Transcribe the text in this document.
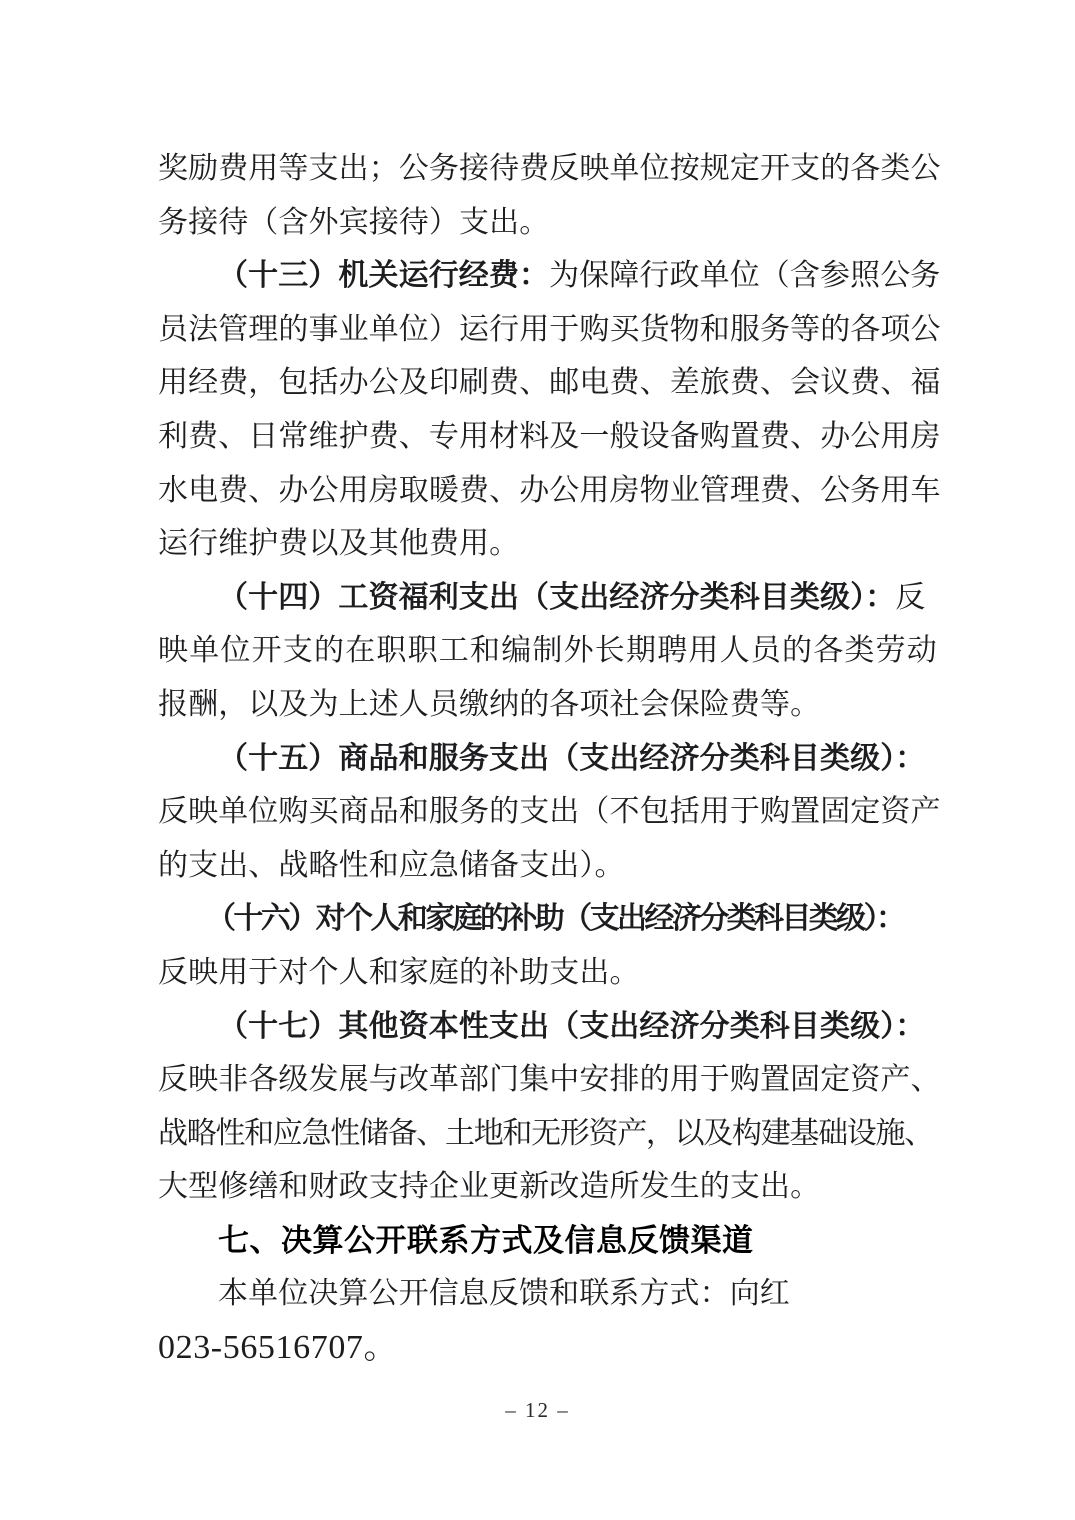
奖励费用等支出；公务接待费反映单位按规定开支的各类公
务接待（含外宾接待）支出。
（十三）机关运行经费：为保障行政单位（含参照公务
员法管理的事业单位）运行用于购买货物和服务等的各项公
用经费，包括办公及印刷费、邮电费、差旅费、会议费、福
利费、日常维护费、专用材料及一般设备购置费、办公用房
水电费、办公用房取暖费、办公用房物业管理费、公务用车
运行维护费以及其他费用。
（十四）工资福利支出（支出经济分类科目类级）：反
映单位开支的在职职工和编制外长期聘用人员的各类劳动
报酬，以及为上述人员缴纳的各项社会保险费等。
（十五）商品和服务支出（支出经济分类科目类级）：
反映单位购买商品和服务的支出（不包括用于购置固定资产
的支出、战略性和应急储备支出）。
（十六）对个人和家庭的补助（支出经济分类科目类级）：
反映用于对个人和家庭的补助支出。
（十七）其他资本性支出（支出经济分类科目类级）：
反映非各级发展与改革部门集中安排的用于购置固定资产、
战略性和应急性储备、土地和无形资产，以及构建基础设施、
大型修缮和财政支持企业更新改造所发生的支出。
七、决算公开联系方式及信息反馈渠道
本单位决算公开信息反馈和联系方式：向红
023-56516707。
– 12 –
